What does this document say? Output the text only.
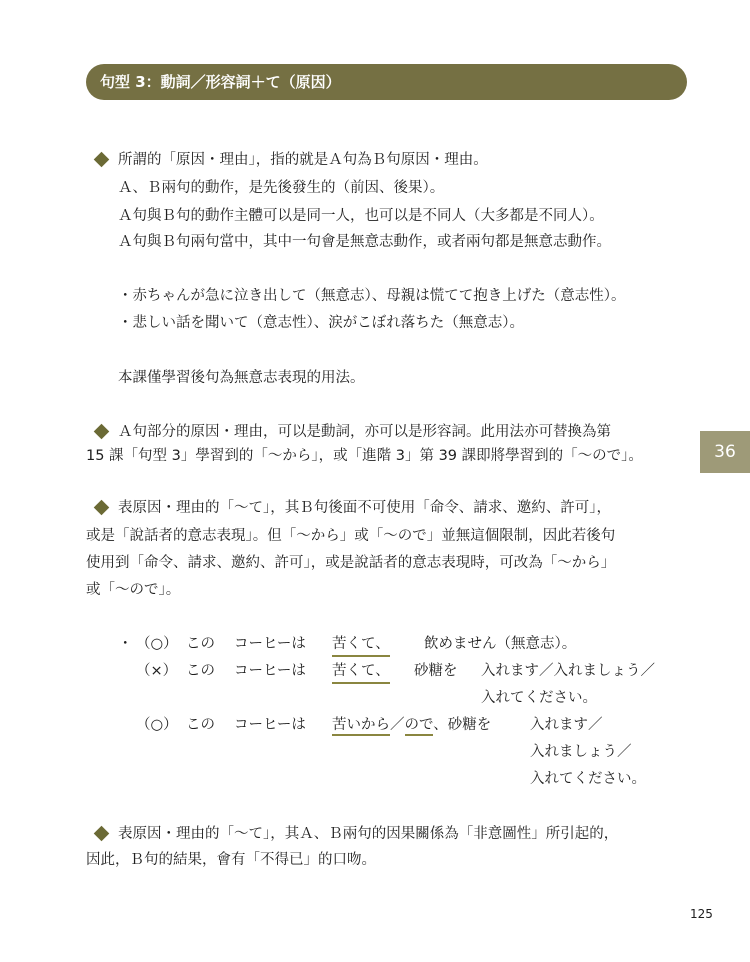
句型 3：動詞／形容詞＋て（原因）
36
所謂的「原因・理由」，指的就是Ａ句為Ｂ句原因・理由。
Ａ、Ｂ兩句的動作，是先後發生的（前因、後果）。
Ａ句與Ｂ句的動作主體可以是同一人，也可以是不同人（大多都是不同人）。
Ａ句與Ｂ句兩句當中，其中一句會是無意志動作，或者兩句都是無意志動作。
・赤ちゃんが急に泣き出して（無意志）、母親は慌てて抱き上げた（意志性）。
・悲しい話を聞いて（意志性）、涙がこぼれ落ちた（無意志）。
本課僅學習後句為無意志表現的用法。
Ａ句部分的原因・理由，可以是動詞，亦可以是形容詞。此用法亦可替換為第
15 課「句型 3」學習到的「～から」，或「進階 3」第 39 課即將學習到的「～ので」。
表原因・理由的「～て」，其Ｂ句後面不可使用「命令、請求、邀約、許可」，
或是「說話者的意志表現」。但「～から」或「～ので」並無這個限制，因此若後句
使用到「命令、請求、邀約、許可」，或是說話者的意志表現時，可改為「～から」
或「～ので」。
・ （○） この コーヒーは 苦くて、 飲めません（無意志）。
（×） この コーヒーは 苦くて、 砂糖を 入れます／入れましょう／
入れてください。
（○） この コーヒーは 苦いから／ので、砂糖を	入れます／
入れましょう／
入れてください。
表原因・理由的「～て」，其Ａ、Ｂ兩句的因果關係為「非意圖性」所引起的，
因此，Ｂ句的結果，會有「不得已」的口吻。
125
